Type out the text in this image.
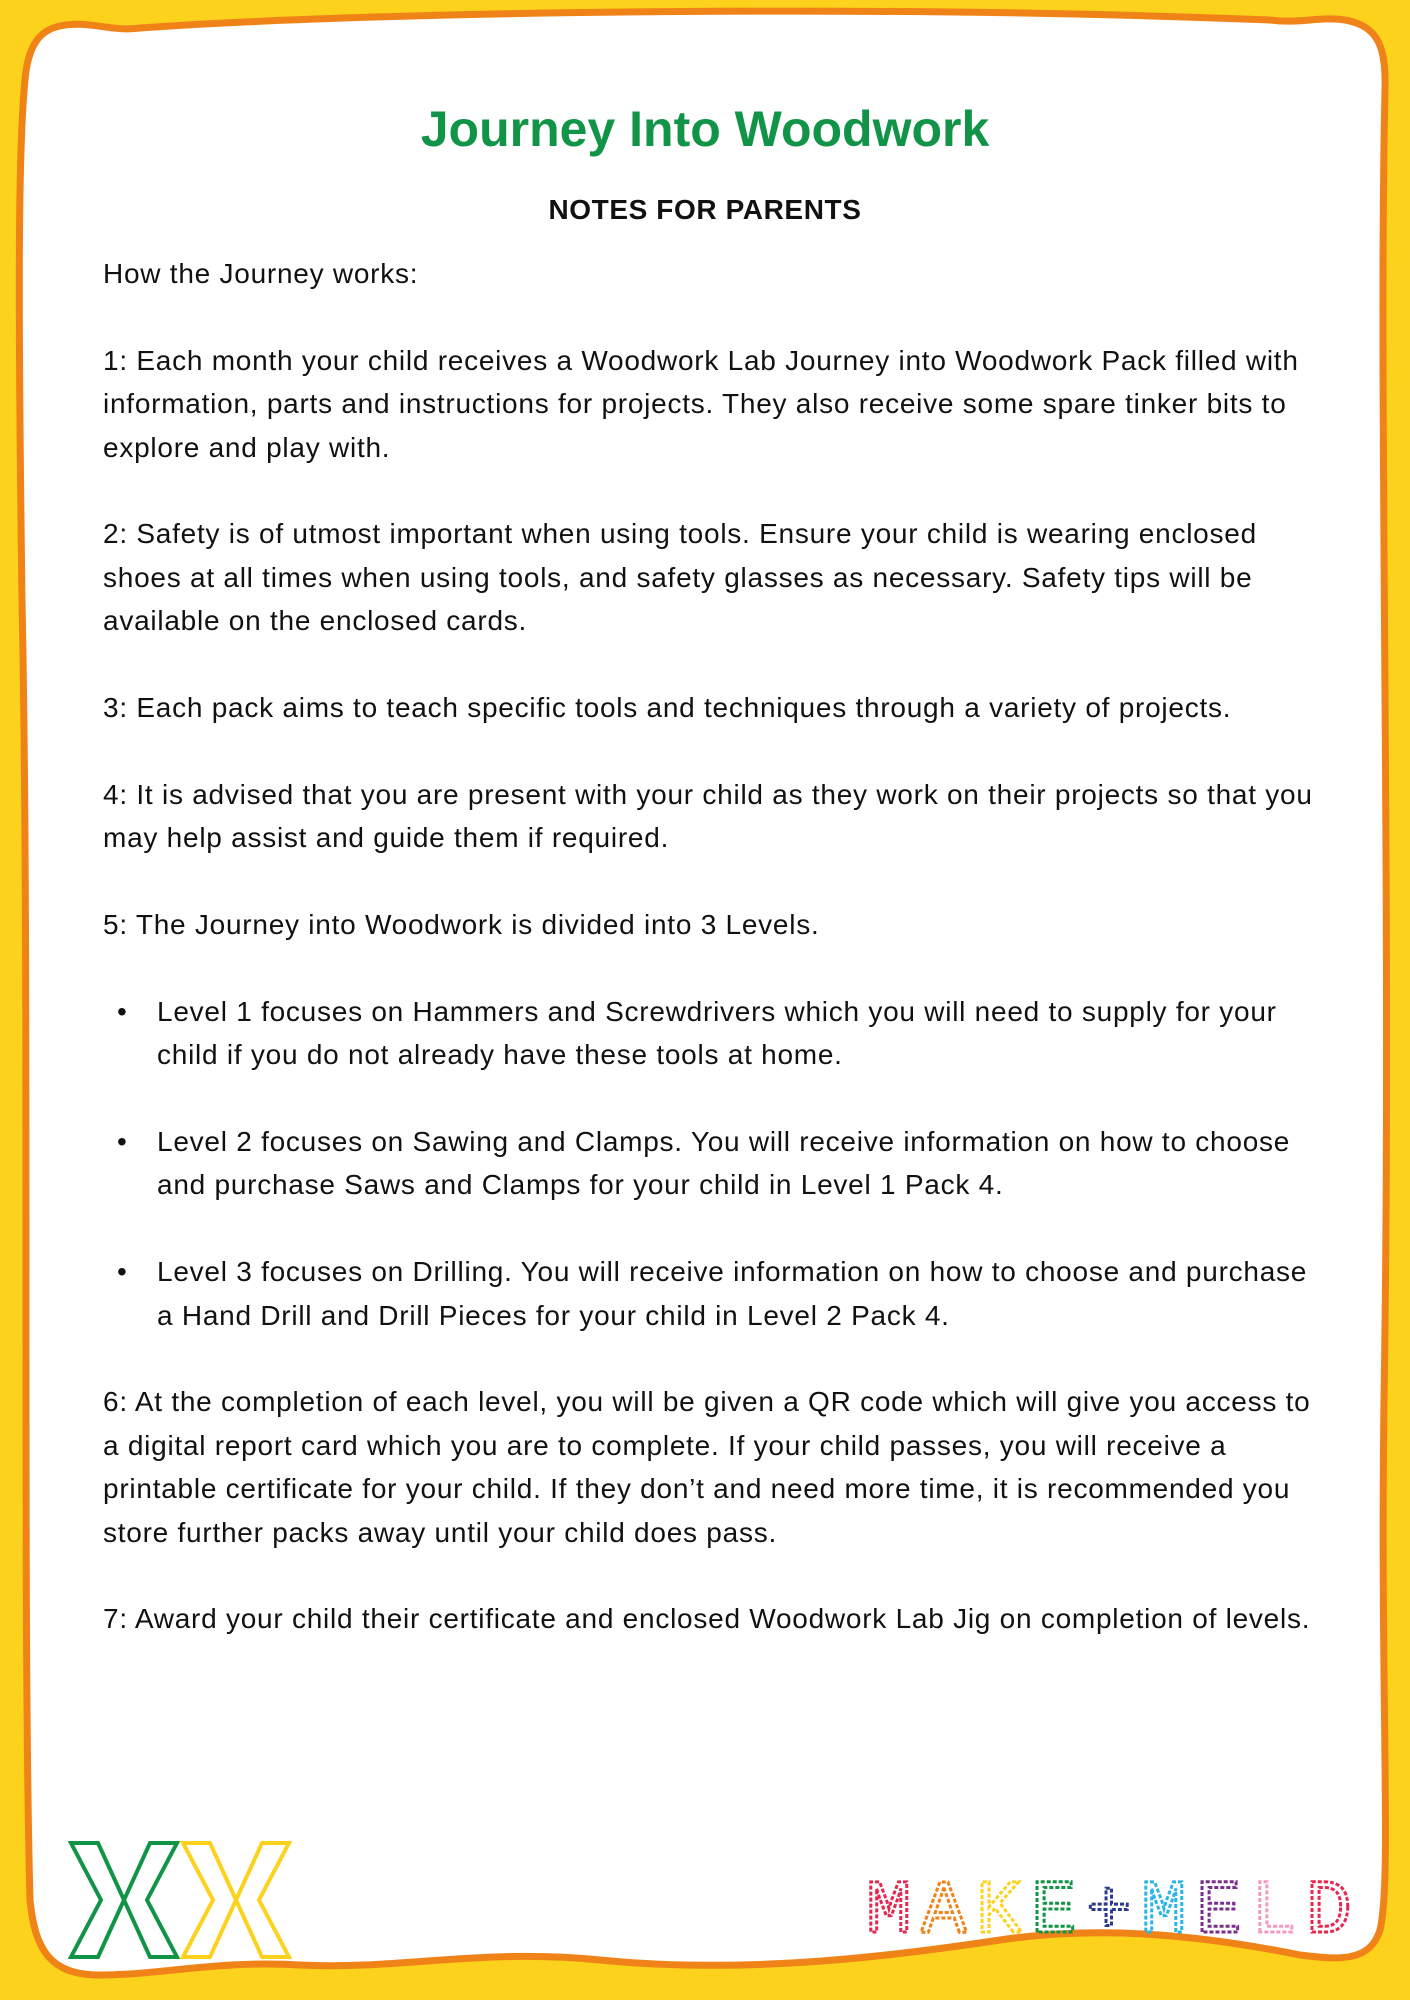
Journey Into Woodwork
NOTES FOR PARENTS

How the Journey works:

1: Each month your child receives a Woodwork Lab Journey into Woodwork Pack filled with information, parts and instructions for projects. They also receive some spare tinker bits to explore and play with.

2: Safety is of utmost important when using tools. Ensure your child is wearing enclosed shoes at all times when using tools, and safety glasses as necessary. Safety tips will be available on the enclosed cards.

3: Each pack aims to teach specific tools and techniques through a variety of projects.

4: It is advised that you are present with your child as they work on their projects so that you may help assist and guide them if required.

5: The Journey into Woodwork is divided into 3 Levels.

• Level 1 focuses on Hammers and Screwdrivers which you will need to supply for your child if you do not already have these tools at home.
• Level 2 focuses on Sawing and Clamps. You will receive information on how to choose and purchase Saws and Clamps for your child in Level 1 Pack 4.
• Level 3 focuses on Drilling. You will receive information on how to choose and purchase a Hand Drill and Drill Pieces for your child in Level 2 Pack 4.

6: At the completion of each level, you will be given a QR code which will give you access to a digital report card which you are to complete. If your child passes, you will receive a printable certificate for your child. If they don’t and need more time, it is recommended you store further packs away until your child does pass.

7: Award your child their certificate and enclosed Woodwork Lab Jig on completion of levels.

M A K E + M E L D
